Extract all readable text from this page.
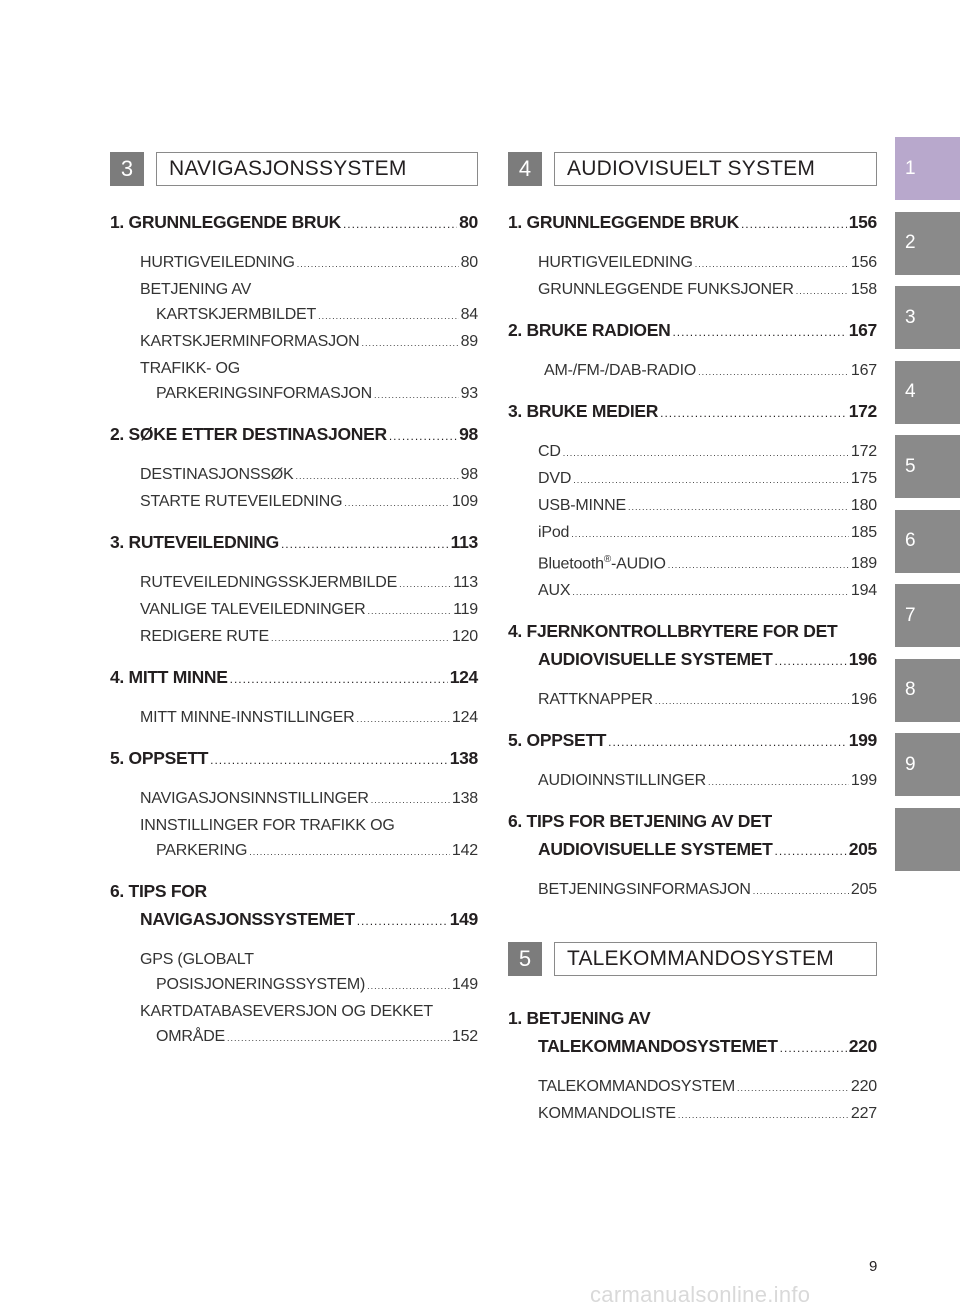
3	NAVIGASJONSSYSTEM
1. GRUNNLEGGENDE BRUK .....	80
HURTIGVEILEDNING .....	80
BETJENING AV
KARTSKJERMBILDET .....	84
KARTSKJERMINFORMASJON .....	89
TRAFIKK- OG
PARKERINGSINFORMASJON .....	93
2. SØKE ETTER DESTINASJONER .....	98
DESTINASJONSSØK .....	98
STARTE RUTEVEILEDNING .....	109
3. RUTEVEILEDNING .....	113
RUTEVEILEDNINGSSKJERMBILDE .....	113
VANLIGE TALEVEILEDNINGER .....	119
REDIGERE RUTE .....	120
4. MITT MINNE .....	124
MITT MINNE-INNSTILLINGER .....	124
5. OPPSETT .....	138
NAVIGASJONSINNSTILLINGER .....	138
INNSTILLINGER FOR TRAFIKK OG
PARKERING .....	142
6. TIPS FOR
NAVIGASJONSSYSTEMET .....	149
GPS (GLOBALT
POSISJONERINGSSYSTEM) .....	149
KARTDATABASEVERSJON OG DEKKET
OMRÅDE .....	152
4	AUDIOVISUELT SYSTEM
1. GRUNNLEGGENDE BRUK .....	156
HURTIGVEILEDNING .....	156
GRUNNLEGGENDE FUNKSJONER .....	158
2. BRUKE RADIOEN .....	167
AM-/FM-/DAB-RADIO .....	167
3. BRUKE MEDIER .....	172
CD .....	172
DVD .....	175
USB-MINNE .....	180
iPod .....	185
Bluetooth®-AUDIO .....	189
AUX .....	194
4. FJERNKONTROLLBRYTERE FOR DET
AUDIOVISUELLE SYSTEMET .....	196
RATTKNAPPER .....	196
5. OPPSETT .....	199
AUDIOINNSTILLINGER .....	199
6. TIPS FOR BETJENING AV DET
AUDIOVISUELLE SYSTEMET .....	205
BETJENINGSINFORMASJON .....	205
5	TALEKOMMANDOSYSTEM
1. BETJENING AV
TALEKOMMANDOSYSTEMET .....	220
TALEKOMMANDOSYSTEM .....	220
KOMMANDOLISTE .....	227
1
2
3
4
5
6
7
8
9
9
carmanualsonline.info
